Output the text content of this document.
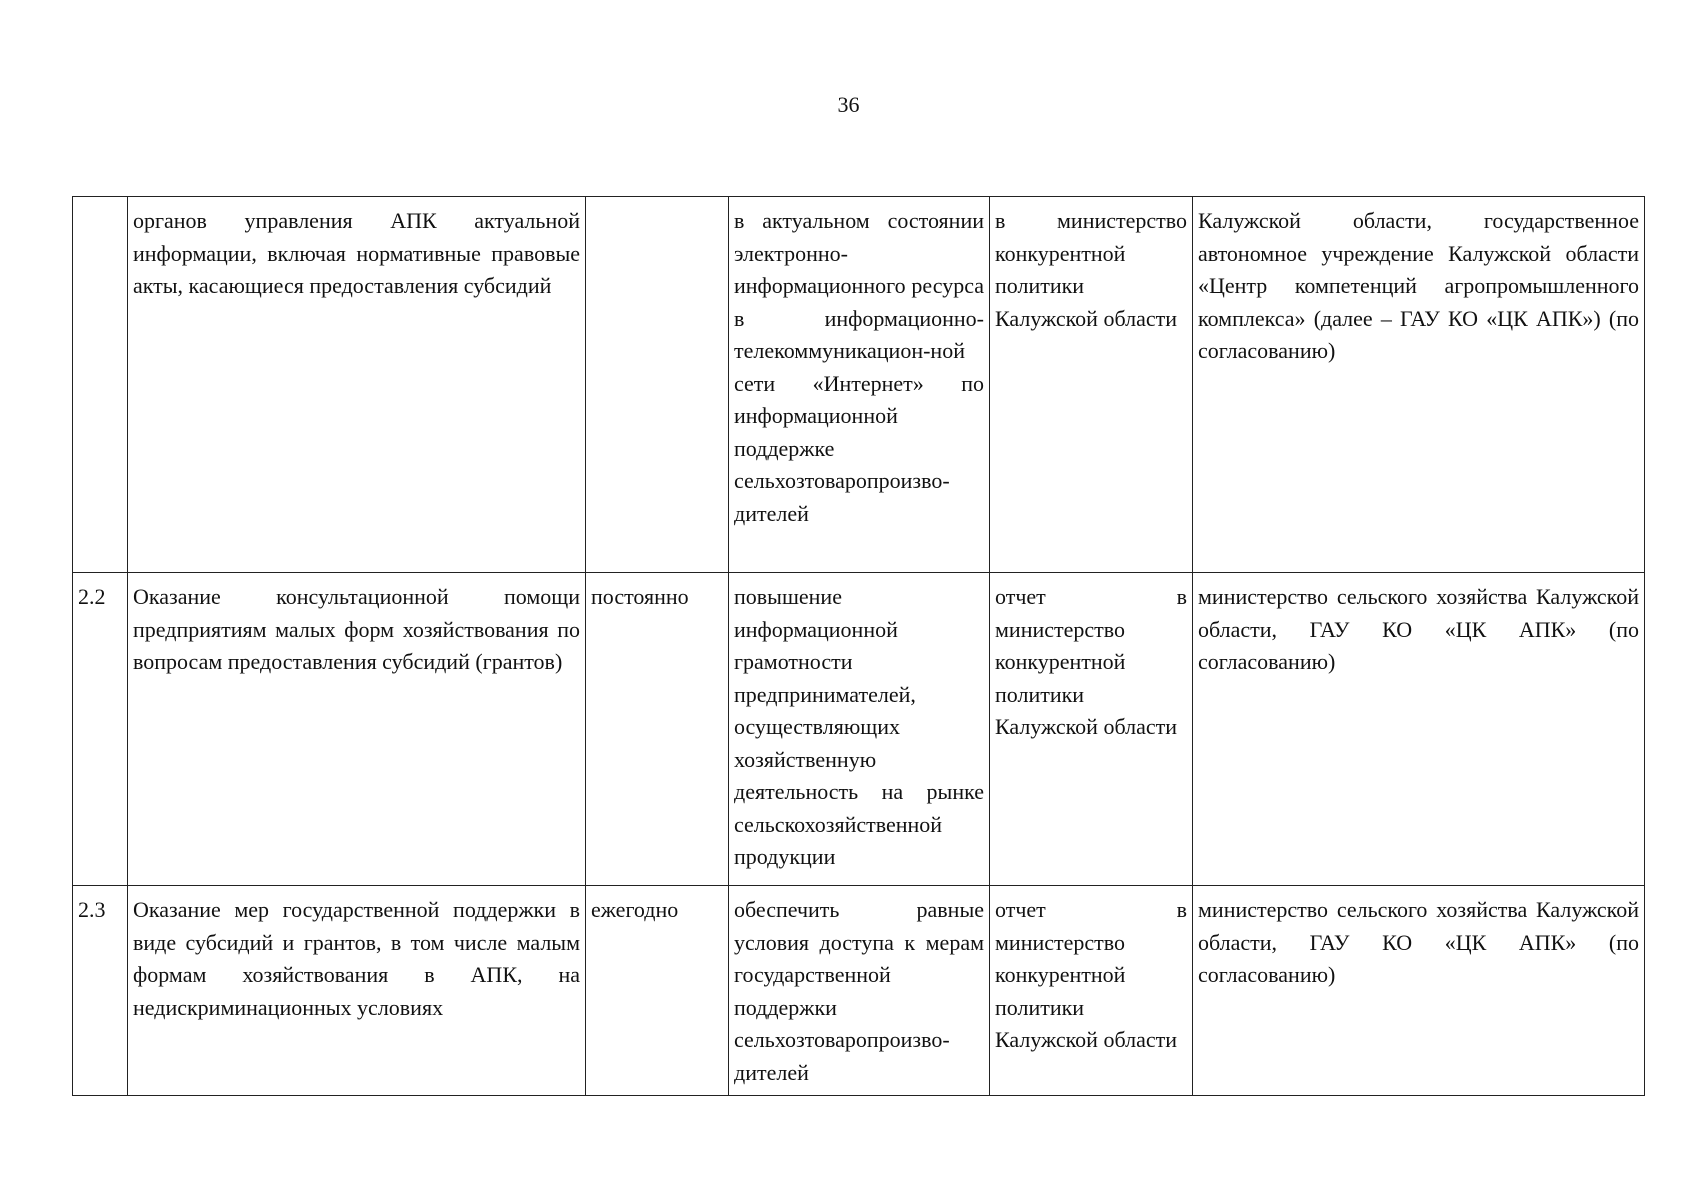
36
	органов управления АПК актуальной информации, включая нормативные правовые акты, касающиеся предоставления субсидий		в актуальном состоянии электронно-информационного ресурса в информационно-телекоммуникацион-ной сети «Интернет» по информационной поддержке сельхозтоваропроизво-дителей	в министерство конкурентной политики Калужской области	Калужской области, государственное автономное учреждение Калужской области «Центр компетенций агропромышленного комплекса» (далее – ГАУ КО «ЦК АПК») (по согласованию)
2.2	Оказание консультационной помощи предприятиям малых форм хозяйствования по вопросам предоставления субсидий (грантов)	постоянно	повышение информационной грамотности предпринимателей, осуществляющих хозяйственную деятельность на рынке сельскохозяйственной продукции	отчет в министерство конкурентной политики Калужской области	министерство сельского хозяйства Калужской области, ГАУ КО «ЦК АПК» (по согласованию)
2.3	Оказание мер государственной поддержки в виде субсидий и грантов, в том числе малым формам хозяйствования в АПК, на недискриминационных условиях	ежегодно	обеспечить равные условия доступа к мерам государственной поддержки сельхозтоваропроизво-дителей	отчет в министерство конкурентной политики Калужской области	министерство сельского хозяйства Калужской области, ГАУ КО «ЦК АПК» (по согласованию)
